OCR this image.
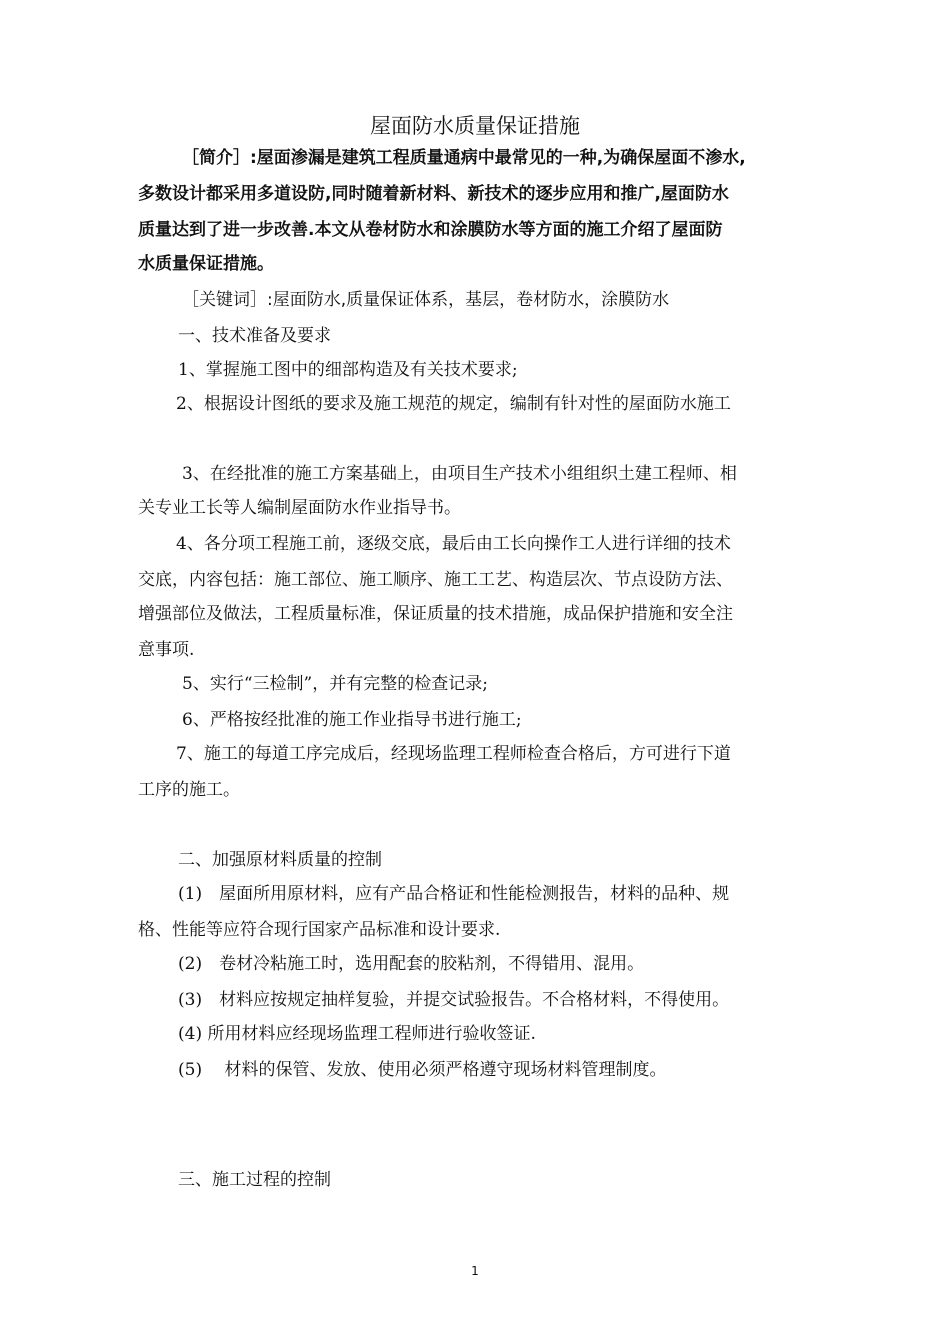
屋面防水质量保证措施
［简介］:屋面渗漏是建筑工程质量通病中最常见的一种,为确保屋面不渗水,
多数设计都采用多道设防,同时随着新材料、新技术的逐步应用和推广,屋面防水
质量达到了进一步改善.本文从卷材防水和涂膜防水等方面的施工介绍了屋面防
水质量保证措施。
［关键词］:屋面防水,质量保证体系，基层，卷材防水，涂膜防水
一、技术准备及要求
1、掌握施工图中的细部构造及有关技术要求;
2、根据设计图纸的要求及施工规范的规定，编制有针对性的屋面防水施工
3、在经批准的施工方案基础上，由项目生产技术小组组织土建工程师、相
关专业工长等人编制屋面防水作业指导书。
4、各分项工程施工前，逐级交底，最后由工长向操作工人进行详细的技术
交底，内容包括：施工部位、施工顺序、施工工艺、构造层次、节点设防方法、
增强部位及做法，工程质量标准，保证质量的技术措施，成品保护措施和安全注
意事项.
5、实行“三检制”，并有完整的检查记录;
6、严格按经批准的施工作业指导书进行施工;
7、施工的每道工序完成后，经现场监理工程师检查合格后，方可进行下道
工序的施工。
二、加强原材料质量的控制
(1)　屋面所用原材料，应有产品合格证和性能检测报告，材料的品种、规
格、性能等应符合现行国家产品标准和设计要求.
(2)　卷材冷粘施工时，选用配套的胶粘剂，不得错用、混用。
(3)　材料应按规定抽样复验，并提交试验报告。不合格材料，不得使用。
(4) 所用材料应经现场监理工程师进行验收签证.
(5)　 材料的保管、发放、使用必须严格遵守现场材料管理制度。
三、施工过程的控制
1
